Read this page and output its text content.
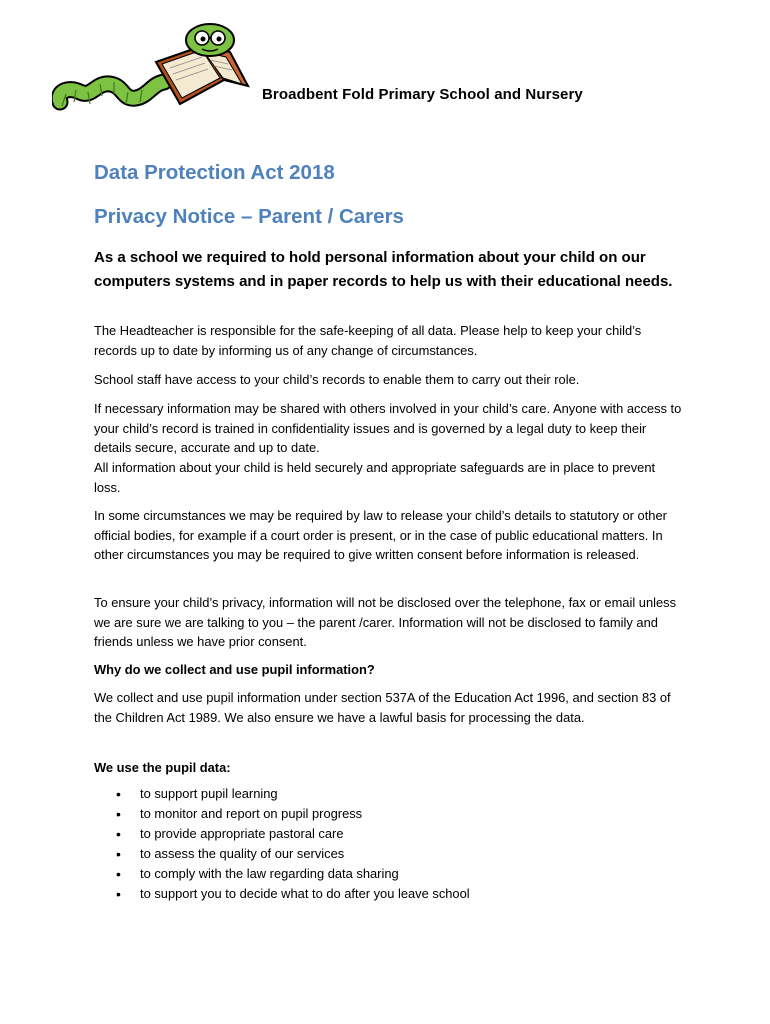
Broadbent Fold Primary School and Nursery
Data Protection Act 2018
Privacy Notice – Parent / Carers
As a school we required to hold personal information about your child on our computers systems and in paper records to help us with their educational needs.
The Headteacher is responsible for the safe-keeping of all data. Please help to keep your child’s records up to date by informing us of any change of circumstances.
School staff have access to your child’s records to enable them to carry out their role.
If necessary information may be shared with others involved in your child’s care. Anyone with access to your child’s record is trained in confidentiality issues and is governed by a legal duty to keep their details secure, accurate and up to date.
All information about your child is held securely and appropriate safeguards are in place to prevent loss.
In some circumstances we may be required by law to release your child’s details to statutory or other official bodies, for example if a court order is present, or in the case of public educational matters. In other circumstances you may be required to give written consent before information is released.
To ensure your child’s privacy, information will not be disclosed over the telephone, fax or email unless we are sure we are talking to you – the parent /carer. Information will not be disclosed to family and friends unless we have prior consent.
Why do we collect and use pupil information?
We collect and use pupil information under section 537A of the Education Act 1996, and section 83 of the Children Act 1989. We also ensure we have a lawful basis for processing the data.
We use the pupil data:
• to support pupil learning
• to monitor and report on pupil progress
• to provide appropriate pastoral care
• to assess the quality of our services
• to comply with the law regarding data sharing
• to support you to decide what to do after you leave school
